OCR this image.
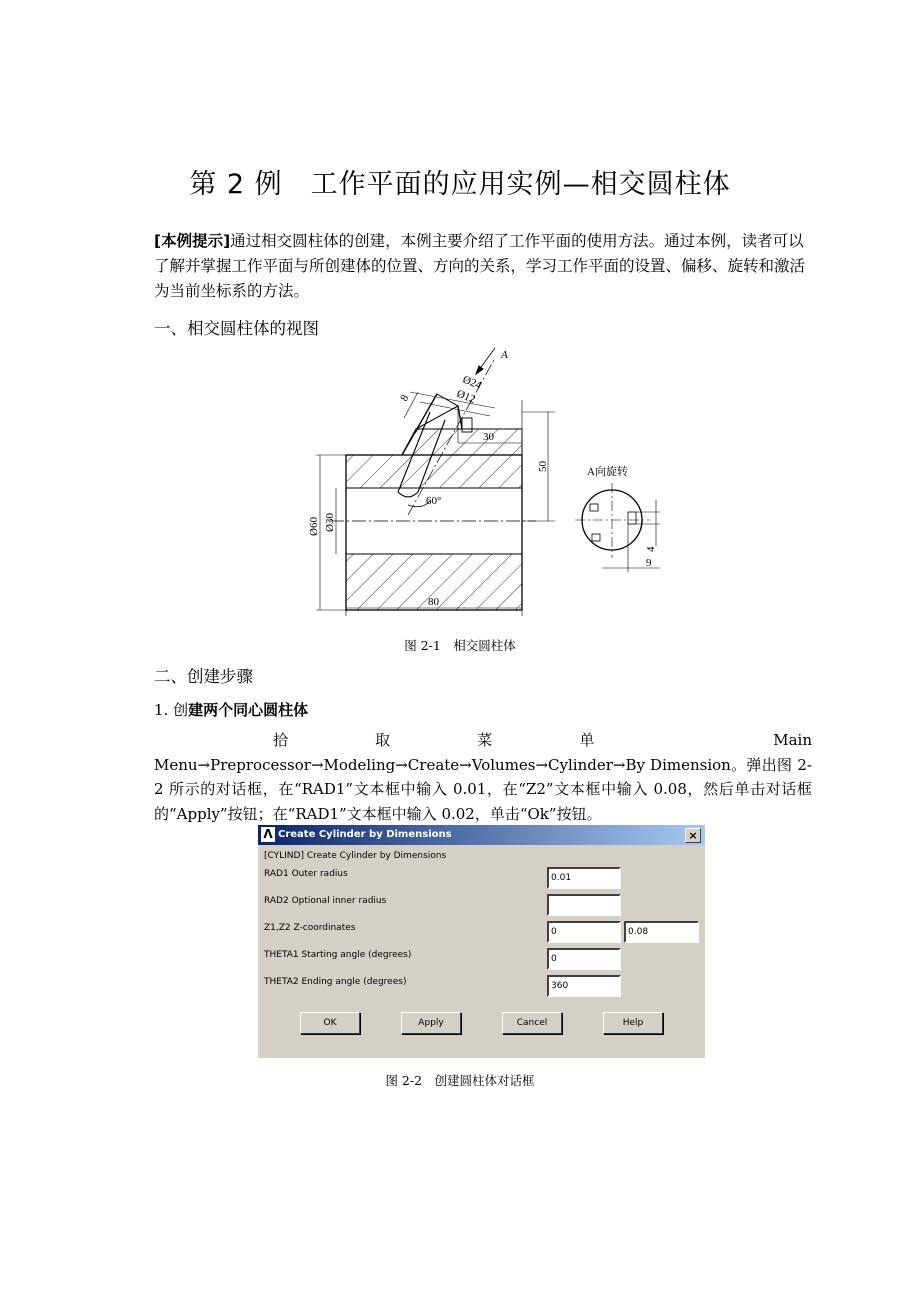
第 2 例　工作平面的应用实例—相交圆柱体
[本例提示]通过相交圆柱体的创建，本例主要介绍了工作平面的使用方法。通过本例，读者可以了解并掌握工作平面与所创建体的位置、方向的关系，学习工作平面的设置、偏移、旋转和激活为当前坐标系的方法。
一、相交圆柱体的视图
A
Ø24
Ø12
8
30
50
60°
Ø60 Ø30
80
A向旋转
4
9
图 2-1　相交圆柱体
二、创建步骤
1. 创建两个同心圆柱体
拾取菜单 Main　　　Menu→Preprocessor→Modeling→Create→Volumes→Cylinder→By Dimension。弹出图 2-2 所示的对话框，在“RAD1”文本框中输入 0.01，在“Z2”文本框中输入 0.08，然后单击对话框的“Apply”按钮；在“RAD1”文本框中输入 0.02，单击“Ok”按钮。
Λ Create Cylinder by Dimensions	×
[CYLIND] Create Cylinder by Dimensions
RAD1 Outer radius	0.01
RAD2 Optional inner radius
Z1,Z2 Z-coordinates	0	0.08
THETA1 Starting angle (degrees)	0
THETA2 Ending angle (degrees)	360
OK	Apply	Cancel	Help
图 2-2　创建圆柱体对话框
